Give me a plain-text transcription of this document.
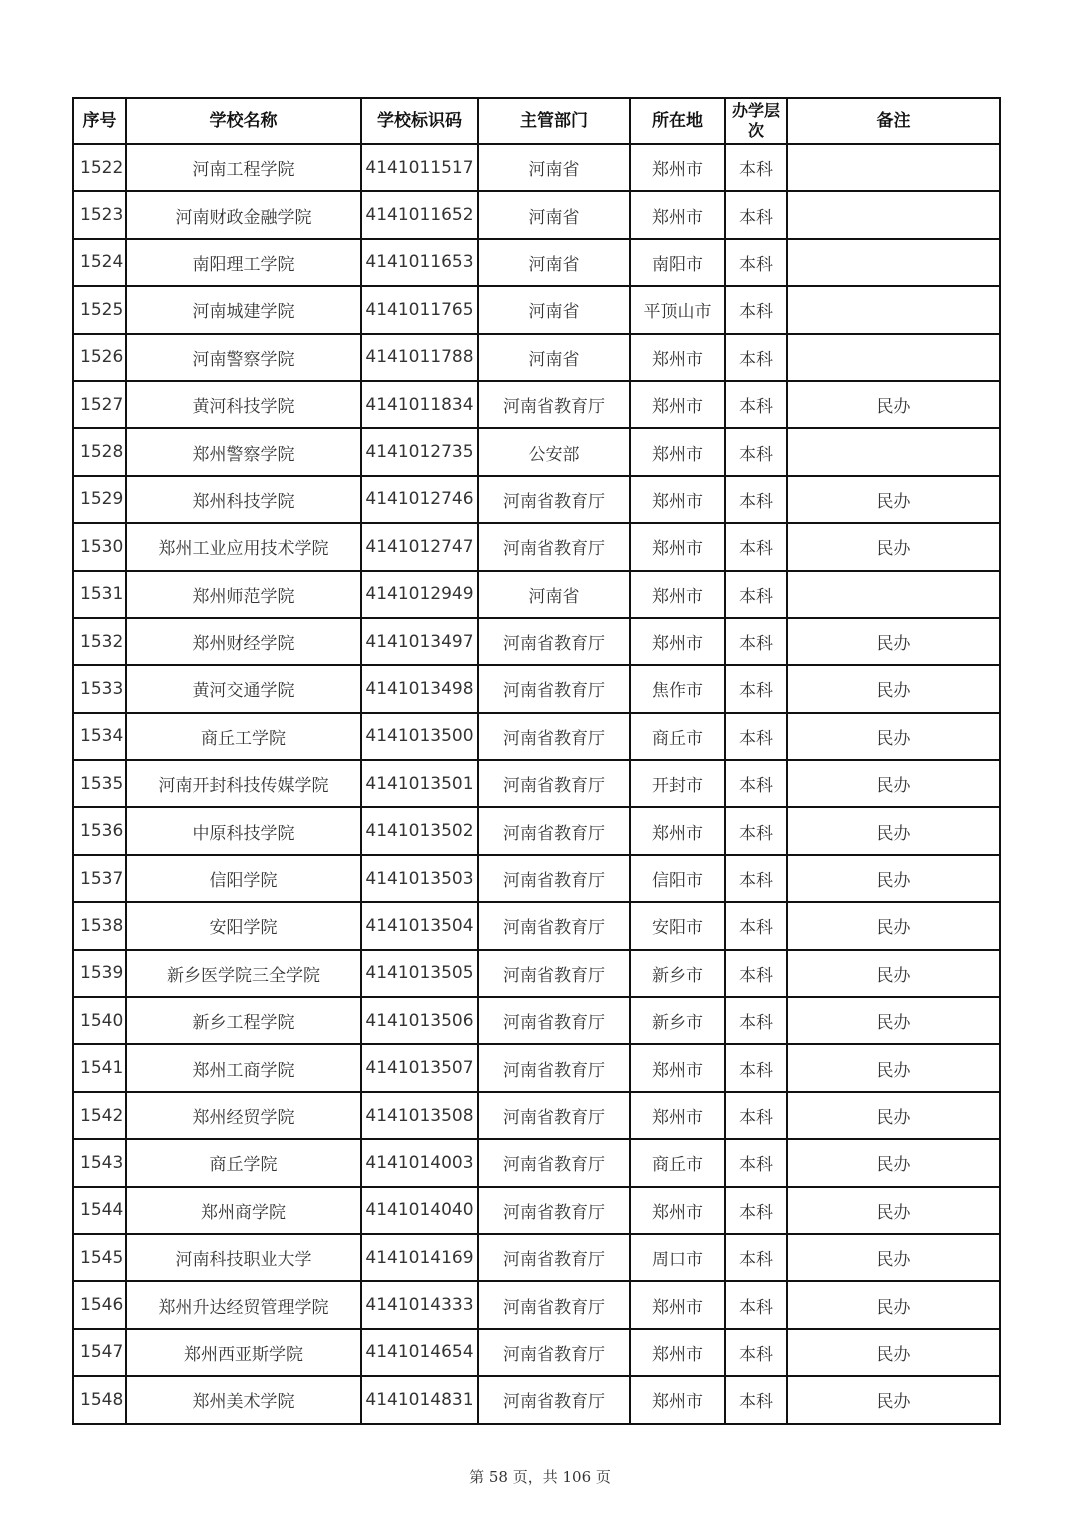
序号	学校名称	学校标识码	主管部门	所在地	办学层次	备注
1522	河南工程学院	4141011517	河南省	郑州市	本科	
1523	河南财政金融学院	4141011652	河南省	郑州市	本科	
1524	南阳理工学院	4141011653	河南省	南阳市	本科	
1525	河南城建学院	4141011765	河南省	平顶山市	本科	
1526	河南警察学院	4141011788	河南省	郑州市	本科	
1527	黄河科技学院	4141011834	河南省教育厅	郑州市	本科	民办
1528	郑州警察学院	4141012735	公安部	郑州市	本科	
1529	郑州科技学院	4141012746	河南省教育厅	郑州市	本科	民办
1530	郑州工业应用技术学院	4141012747	河南省教育厅	郑州市	本科	民办
1531	郑州师范学院	4141012949	河南省	郑州市	本科	
1532	郑州财经学院	4141013497	河南省教育厅	郑州市	本科	民办
1533	黄河交通学院	4141013498	河南省教育厅	焦作市	本科	民办
1534	商丘工学院	4141013500	河南省教育厅	商丘市	本科	民办
1535	河南开封科技传媒学院	4141013501	河南省教育厅	开封市	本科	民办
1536	中原科技学院	4141013502	河南省教育厅	郑州市	本科	民办
1537	信阳学院	4141013503	河南省教育厅	信阳市	本科	民办
1538	安阳学院	4141013504	河南省教育厅	安阳市	本科	民办
1539	新乡医学院三全学院	4141013505	河南省教育厅	新乡市	本科	民办
1540	新乡工程学院	4141013506	河南省教育厅	新乡市	本科	民办
1541	郑州工商学院	4141013507	河南省教育厅	郑州市	本科	民办
1542	郑州经贸学院	4141013508	河南省教育厅	郑州市	本科	民办
1543	商丘学院	4141014003	河南省教育厅	商丘市	本科	民办
1544	郑州商学院	4141014040	河南省教育厅	郑州市	本科	民办
1545	河南科技职业大学	4141014169	河南省教育厅	周口市	本科	民办
1546	郑州升达经贸管理学院	4141014333	河南省教育厅	郑州市	本科	民办
1547	郑州西亚斯学院	4141014654	河南省教育厅	郑州市	本科	民办
1548	郑州美术学院	4141014831	河南省教育厅	郑州市	本科	民办
第 58 页，共 106 页
